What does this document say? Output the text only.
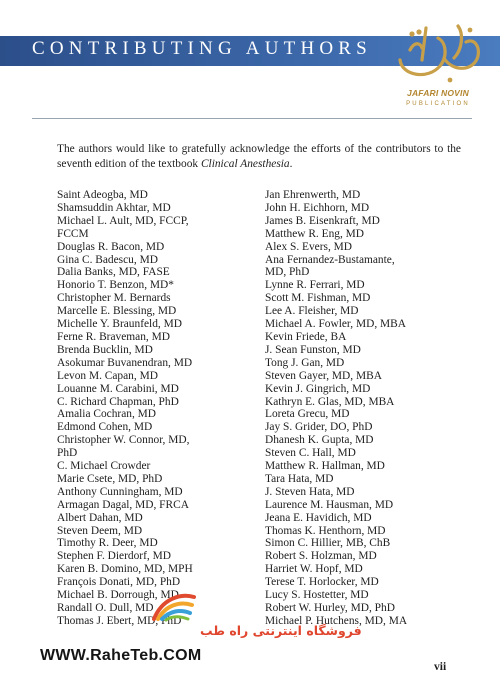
CONTRIBUTING AUTHORS
JAFARI NOVIN
PUBLICATION

The authors would like to gratefully acknowledge the efforts of the contributors to the seventh edition of the textbook Clinical Anesthesia.

Saint Adeogba, MD
Shamsuddin Akhtar, MD
Michael L. Ault, MD, FCCP,
FCCM
Douglas R. Bacon, MD
Gina C. Badescu, MD
Dalia Banks, MD, FASE
Honorio T. Benzon, MD*
Christopher M. Bernards
Marcelle E. Blessing, MD
Michelle Y. Braunfeld, MD
Ferne R. Braveman, MD
Brenda Bucklin, MD
Asokumar Buvanendran, MD
Levon M. Capan, MD
Louanne M. Carabini, MD
C. Richard Chapman, PhD
Amalia Cochran, MD
Edmond Cohen, MD
Christopher W. Connor, MD,
PhD
C. Michael Crowder
Marie Csete, MD, PhD
Anthony Cunningham, MD
Armagan Dagal, MD, FRCA
Albert Dahan, MD
Steven Deem, MD
Timothy R. Deer, MD
Stephen F. Dierdorf, MD
Karen B. Domino, MD, MPH
François Donati, MD, PhD
Michael B. Dorrough, MD
Randall O. Dull, MD
Thomas J. Ebert, MD, PhD
Jan Ehrenwerth, MD
John H. Eichhorn, MD
James B. Eisenkraft, MD
Matthew R. Eng, MD
Alex S. Evers, MD
Ana Fernandez-Bustamante,
MD, PhD
Lynne R. Ferrari, MD
Scott M. Fishman, MD
Lee A. Fleisher, MD
Michael A. Fowler, MD, MBA
Kevin Friede, BA
J. Sean Funston, MD
Tong J. Gan, MD
Steven Gayer, MD, MBA
Kevin J. Gingrich, MD
Kathryn E. Glas, MD, MBA
Loreta Grecu, MD
Jay S. Grider, DO, PhD
Dhanesh K. Gupta, MD
Steven C. Hall, MD
Matthew R. Hallman, MD
Tara Hata, MD
J. Steven Hata, MD
Laurence M. Hausman, MD
Jeana E. Havidich, MD
Thomas K. Henthorn, MD
Simon C. Hillier, MB, ChB
Robert S. Holzman, MD
Harriet W. Hopf, MD
Terese T. Horlocker, MD
Lucy S. Hostetter, MD
Robert W. Hurley, MD, PhD
Michael P. Hutchens, MD, MA
فروشگاه اینترنتی راه طب
WWW.RaheTeb.COM
vii
